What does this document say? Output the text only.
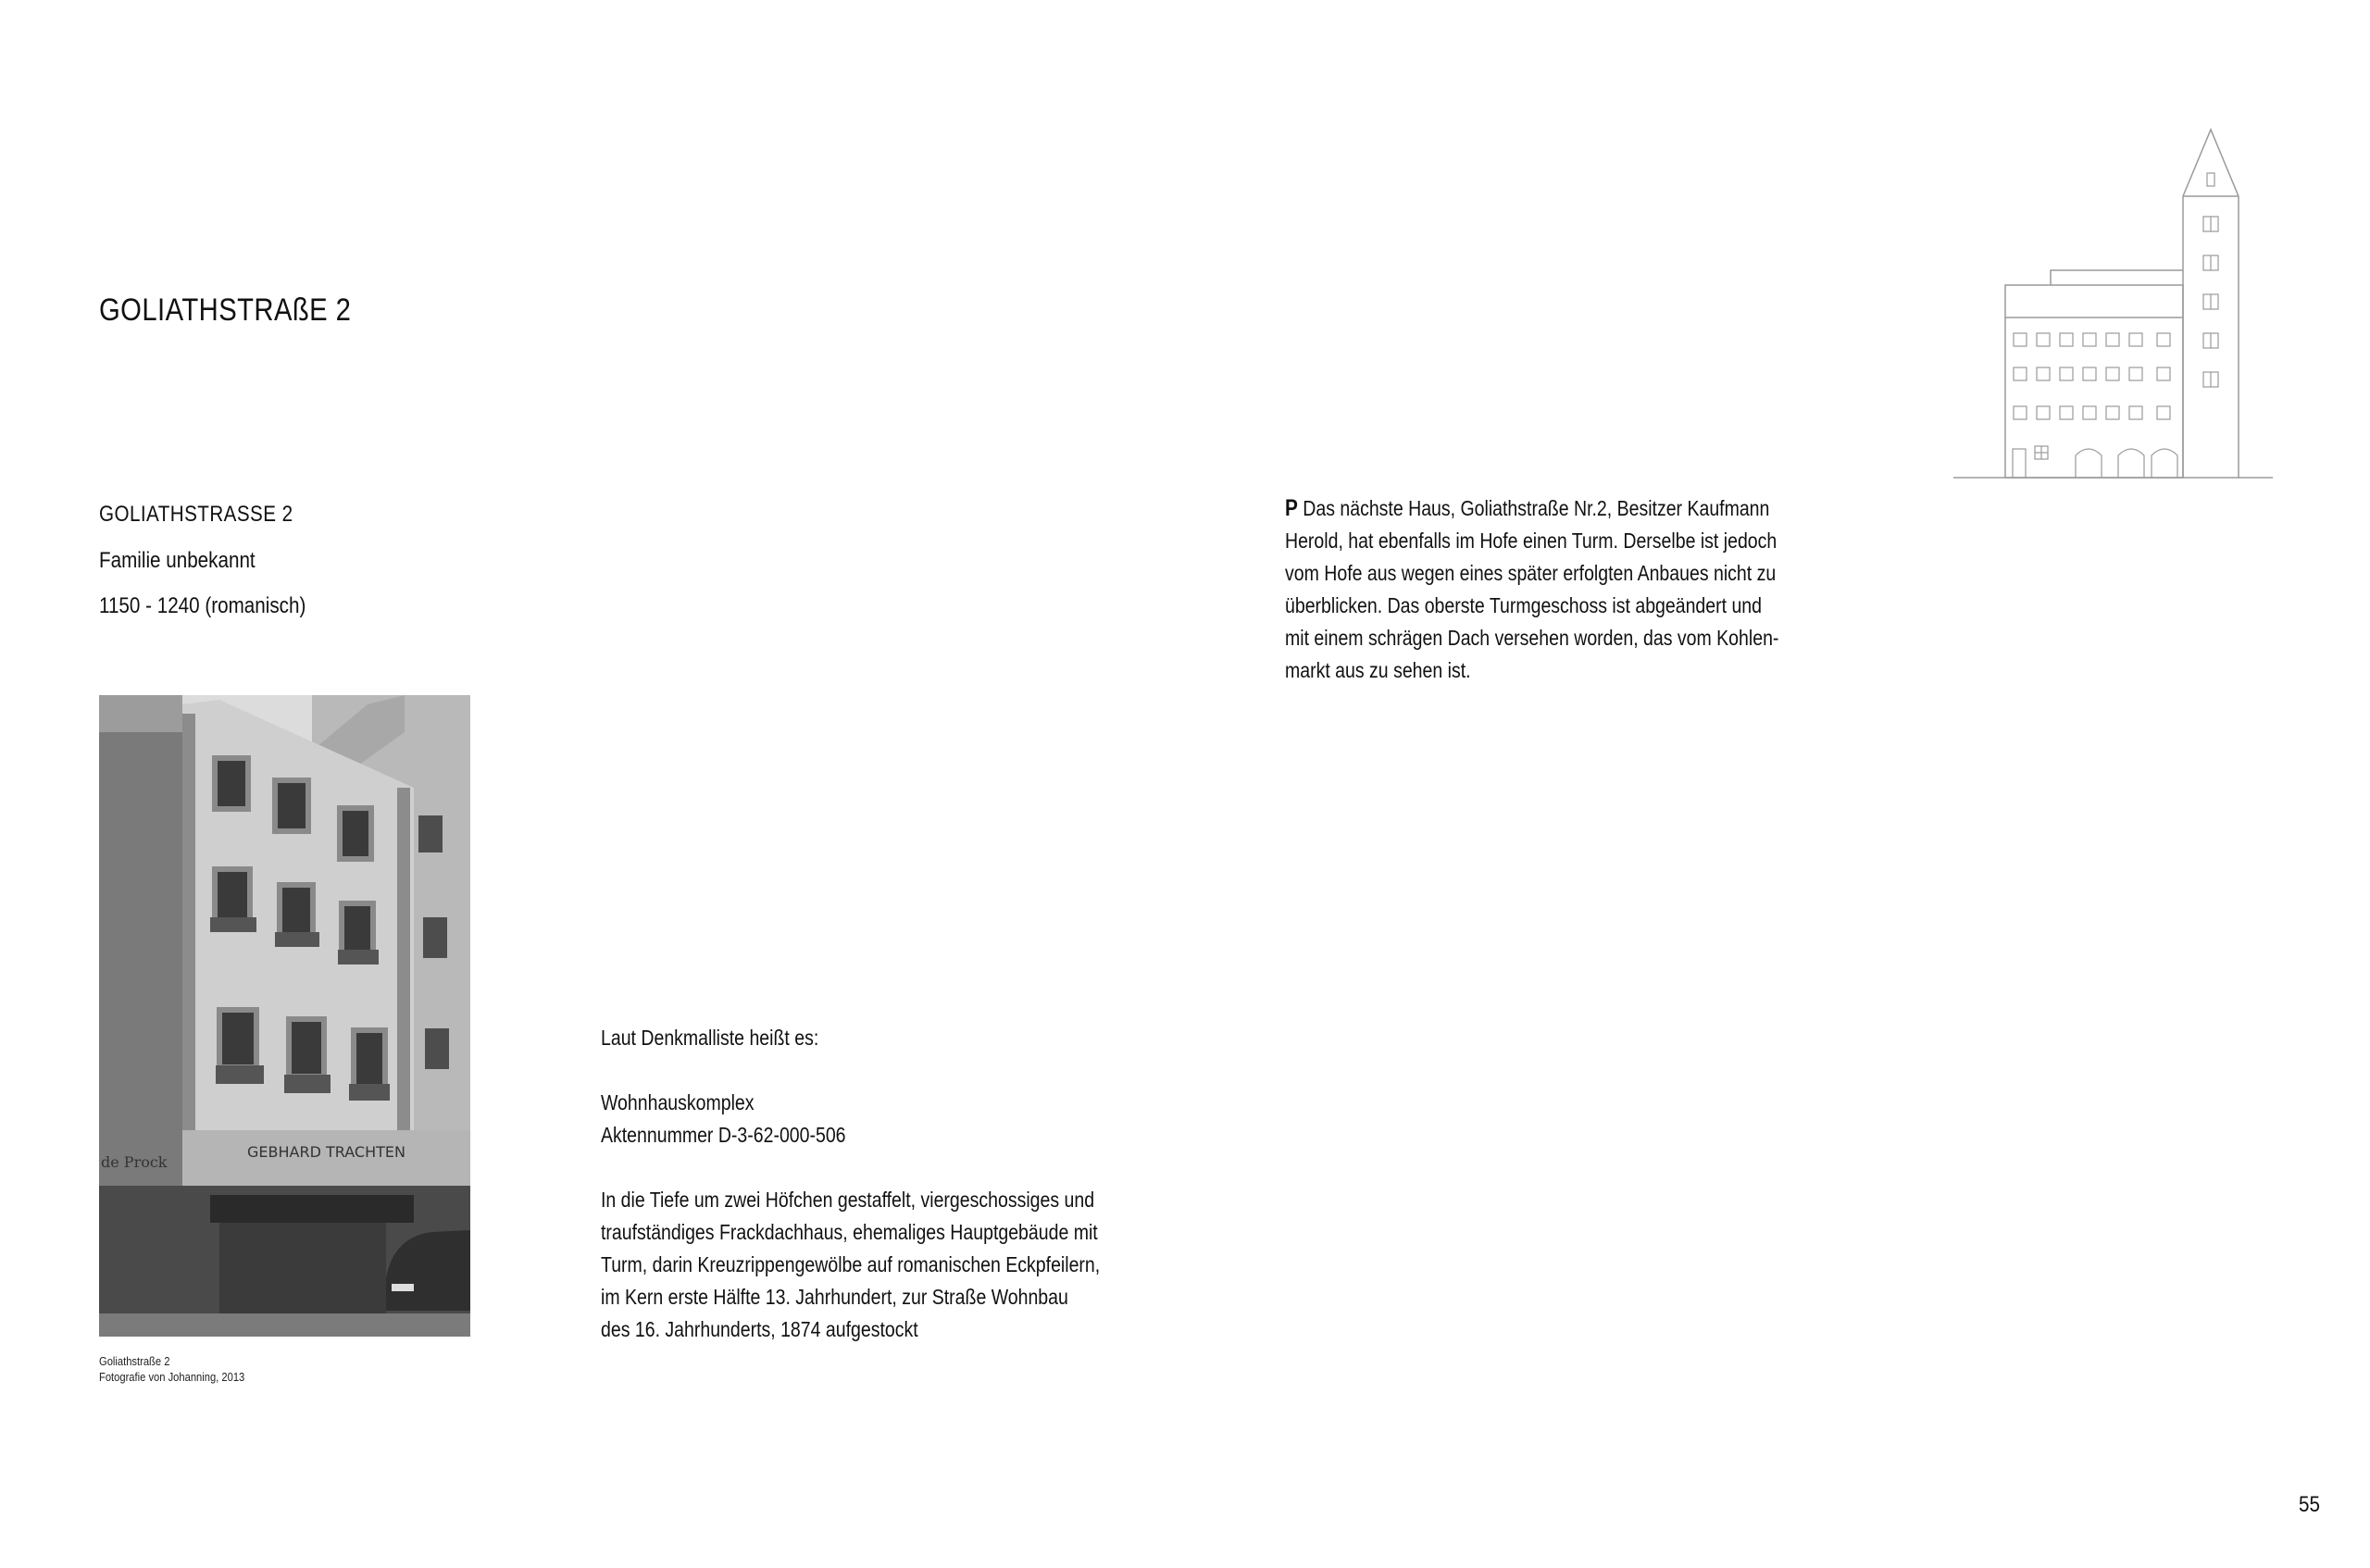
GOLIATHSTRAßE 2
GOLIATHSTRASSE 2
Familie unbekannt
1150 - 1240 (romanisch)
GEBHARD TRACHTEN
de Prock
Goliathstraße 2
Fotografie von Johanning, 2013
Laut Denkmalliste heißt es:
Wohnhauskomplex
Aktennummer D-3-62-000-506
In die Tiefe um zwei Höfchen gestaffelt, viergeschossiges und
traufständiges Frackdachhaus, ehemaliges Hauptgebäude mit
Turm, darin Kreuzrippengewölbe auf romanischen Eckpfeilern,
im Kern erste Hälfte 13. Jahrhundert, zur Straße Wohnbau
des 16. Jahrhunderts, 1874 aufgestockt
P Das nächste Haus, Goliathstraße Nr.2, Besitzer Kaufmann
Herold, hat ebenfalls im Hofe einen Turm. Derselbe ist jedoch
vom Hofe aus wegen eines später erfolgten Anbaues nicht zu
überblicken. Das oberste Turmgeschoss ist abgeändert und
mit einem schrägen Dach versehen worden, das vom Kohlen-
markt aus zu sehen ist.
55
